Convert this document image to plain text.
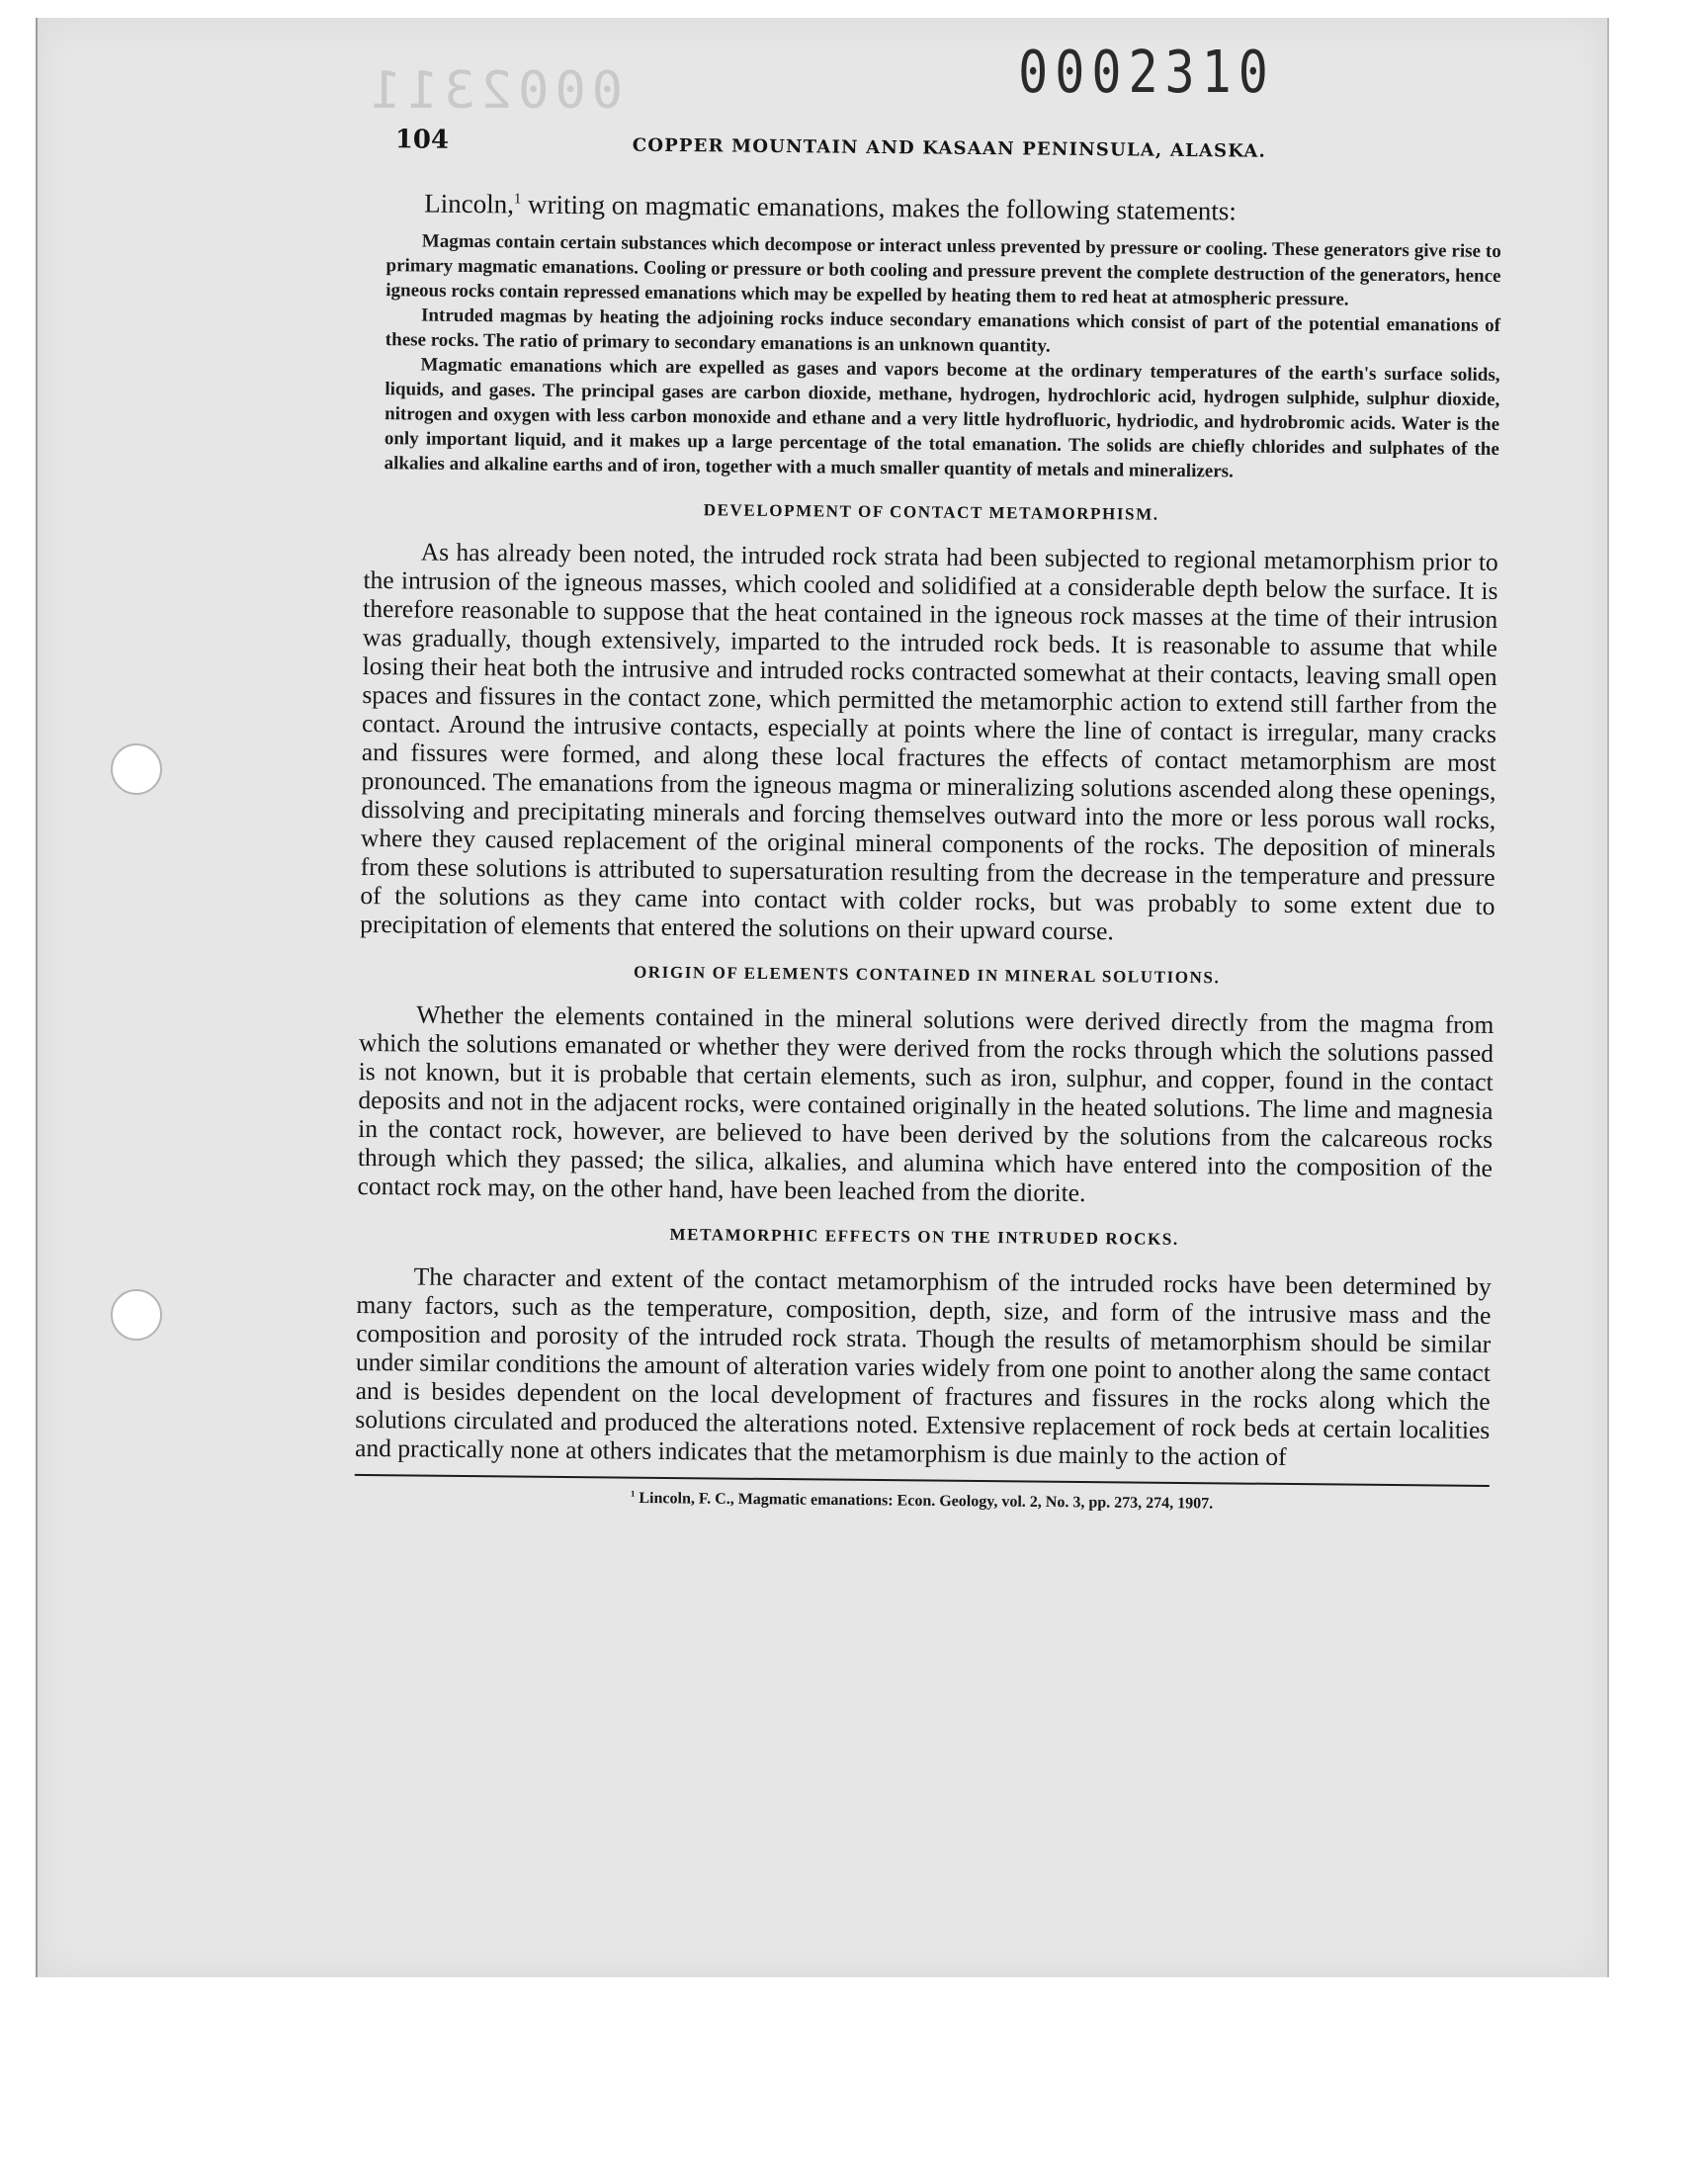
0002311	0002310
104	COPPER MOUNTAIN AND KASAAN PENINSULA, ALASKA.
Lincoln,$^1$ writing on magmatic emanations, makes the following statements:

Magmas contain certain substances which decompose or interact unless prevented by pressure or cooling. These generators give rise to primary magmatic emanations. Cooling or pressure or both cooling and pressure prevent the complete destruction of the generators, hence igneous rocks contain repressed emanations which may be expelled by heating them to red heat at atmospheric pressure.

Intruded magmas by heating the adjoining rocks induce secondary emanations which consist of part of the potential emanations of these rocks. The ratio of primary to secondary emanations is an unknown quantity.

Magmatic emanations which are expelled as gases and vapors become at the ordinary temperatures of the earth's surface solids, liquids, and gases. The principal gases are carbon dioxide, methane, hydrogen, hydrochloric acid, hydrogen sulphide, sulphur dioxide, nitrogen and oxygen with less carbon monoxide and ethane and a very little hydrofluoric, hydriodic, and hydrobromic acids. Water is the only important liquid, and it makes up a large percentage of the total emanation. The solids are chiefly chlorides and sulphates of the alkalies and alkaline earths and of iron, together with a much smaller quantity of metals and mineralizers.

DEVELOPMENT OF CONTACT METAMORPHISM.

As has already been noted, the intruded rock strata had been subjected to regional metamorphism prior to the intrusion of the igneous masses, which cooled and solidified at a considerable depth below the surface. It is therefore reasonable to suppose that the heat contained in the igneous rock masses at the time of their intrusion was gradually, though extensively, imparted to the intruded rock beds. It is reasonable to assume that while losing their heat both the intrusive and intruded rocks contracted somewhat at their contacts, leaving small open spaces and fissures in the contact zone, which permitted the metamorphic action to extend still farther from the contact. Around the intrusive contacts, especially at points where the line of contact is irregular, many cracks and fissures were formed, and along these local fractures the effects of contact metamorphism are most pronounced. The emanations from the igneous magma or mineralizing solutions ascended along these openings, dissolving and precipitating minerals and forcing themselves outward into the more or less porous wall rocks, where they caused replacement of the original mineral components of the rocks. The deposition of minerals from these solutions is attributed to supersaturation resulting from the decrease in the temperature and pressure of the solutions as they came into contact with colder rocks, but was probably to some extent due to precipitation of elements that entered the solutions on their upward course.

ORIGIN OF ELEMENTS CONTAINED IN MINERAL SOLUTIONS.

Whether the elements contained in the mineral solutions were derived directly from the magma from which the solutions emanated or whether they were derived from the rocks through which the solutions passed is not known, but it is probable that certain elements, such as iron, sulphur, and copper, found in the contact deposits and not in the adjacent rocks, were contained originally in the heated solutions. The lime and magnesia in the contact rock, however, are believed to have been derived by the solutions from the calcareous rocks through which they passed; the silica, alkalies, and alumina which have entered into the composition of the contact rock may, on the other hand, have been leached from the diorite.

METAMORPHIC EFFECTS ON THE INTRUDED ROCKS.

The character and extent of the contact metamorphism of the intruded rocks have been determined by many factors, such as the temperature, composition, depth, size, and form of the intrusive mass and the composition and porosity of the intruded rock strata. Though the results of metamorphism should be similar under similar conditions the amount of alteration varies widely from one point to another along the same contact and is besides dependent on the local development of fractures and fissures in the rocks along which the solutions circulated and produced the alterations noted. Extensive replacement of rock beds at certain localities and practically none at others indicates that the metamorphism is due mainly to the action of

$^1$ Lincoln, F. C., Magmatic emanations: Econ. Geology, vol. 2, No. 3, pp. 273, 274, 1907.
